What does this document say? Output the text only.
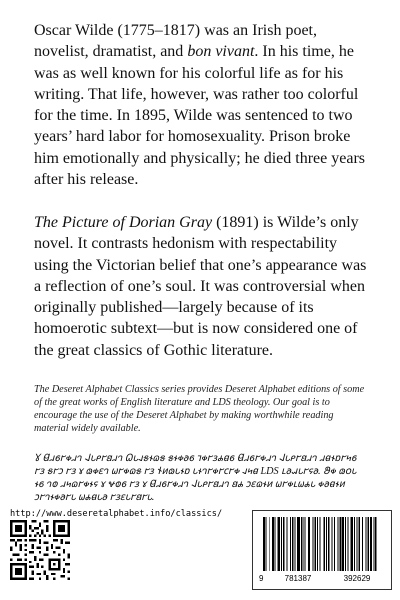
Oscar Wilde (1775–1817) was an Irish poet, novelist, dramatist, and bon vivant. In his time, he was as well known for his colorful life as for his writing. That life, however, was rather too colorful for the time. In 1895, Wilde was sentenced to two years’ hard labor for homosexuality. Prison broke him emotionally and physically; he died three years after his release.

The Picture of Dorian Gray (1891) is Wilde’s only novel. It contrasts hedonism with respectability using the Victorian belief that one’s appearance was a reflection of one’s soul. It was controversial when originally published—largely because of its homoerotic subtext—but is now considered one of the great classics of Gothic literature.

The Deseret Alphabet Classics series provides Deseret Alphabet editions of some of the great works of English literature and LDS theology. Our goal is to encourage the use of the Deseret Alphabet by making worthwhile reading material widely available.

𐐜 𐐔𐐯𐑆𐐲𐑉𐐯𐐻 𐐈𐑊𐑁𐐲𐐺𐐯𐐻 𐐗𐑊𐐰𐑅𐐮𐐿𐑅 𐑅𐐮𐑉𐐨𐑆 𐐹𐑉𐐲𐑂𐐴𐐼𐑆 𐐔𐐯𐑆𐐲𐑉𐐯𐐻 𐐈𐑊𐑁𐐲𐐺𐐯𐐻 𐐯𐐼𐐮𐑇𐐲𐑌𐑆 𐐲𐑂 𐑅𐐲𐑋 𐐲𐑂 𐑄 𐑀𐑉𐐩𐐻 𐐶𐐲𐑉𐐿𐑅 𐐲𐑂 𐐆𐑍𐑀𐑊𐐮𐑇 𐑊𐐮𐐻𐐲𐑉𐐲𐐽𐐲𐑉 𐐰𐑌𐐼 LDS 𐑃𐐨𐐱𐑊𐐲𐐾𐐨. 𐐍𐑉 𐑀𐐬𐑊 𐐮𐑆 𐐻𐐭 𐐯𐑌𐐿𐐲𐑉𐐮𐐾 𐑄 𐐷𐐭𐑆 𐐲𐑂 𐑄 𐐔𐐯𐑆𐐲𐑉𐐯𐐻 𐐈𐑊𐑁𐐲𐐺𐐯𐐻 𐐺𐐴 𐑋𐐩𐐿𐐮𐑍 𐐶𐐲𐑉𐑃𐐶𐐴𐑊 𐑉𐐨𐐼𐐮𐑍 𐑋𐐲𐐻𐐮𐑉𐐨𐐲𐑊 𐐶𐐴𐐼𐑊𐐨 𐐲𐑂𐐩𐑊𐐲𐐺𐐲𐑊.

http://www.deseretalphabet.info/classics/
9	781387	392629
